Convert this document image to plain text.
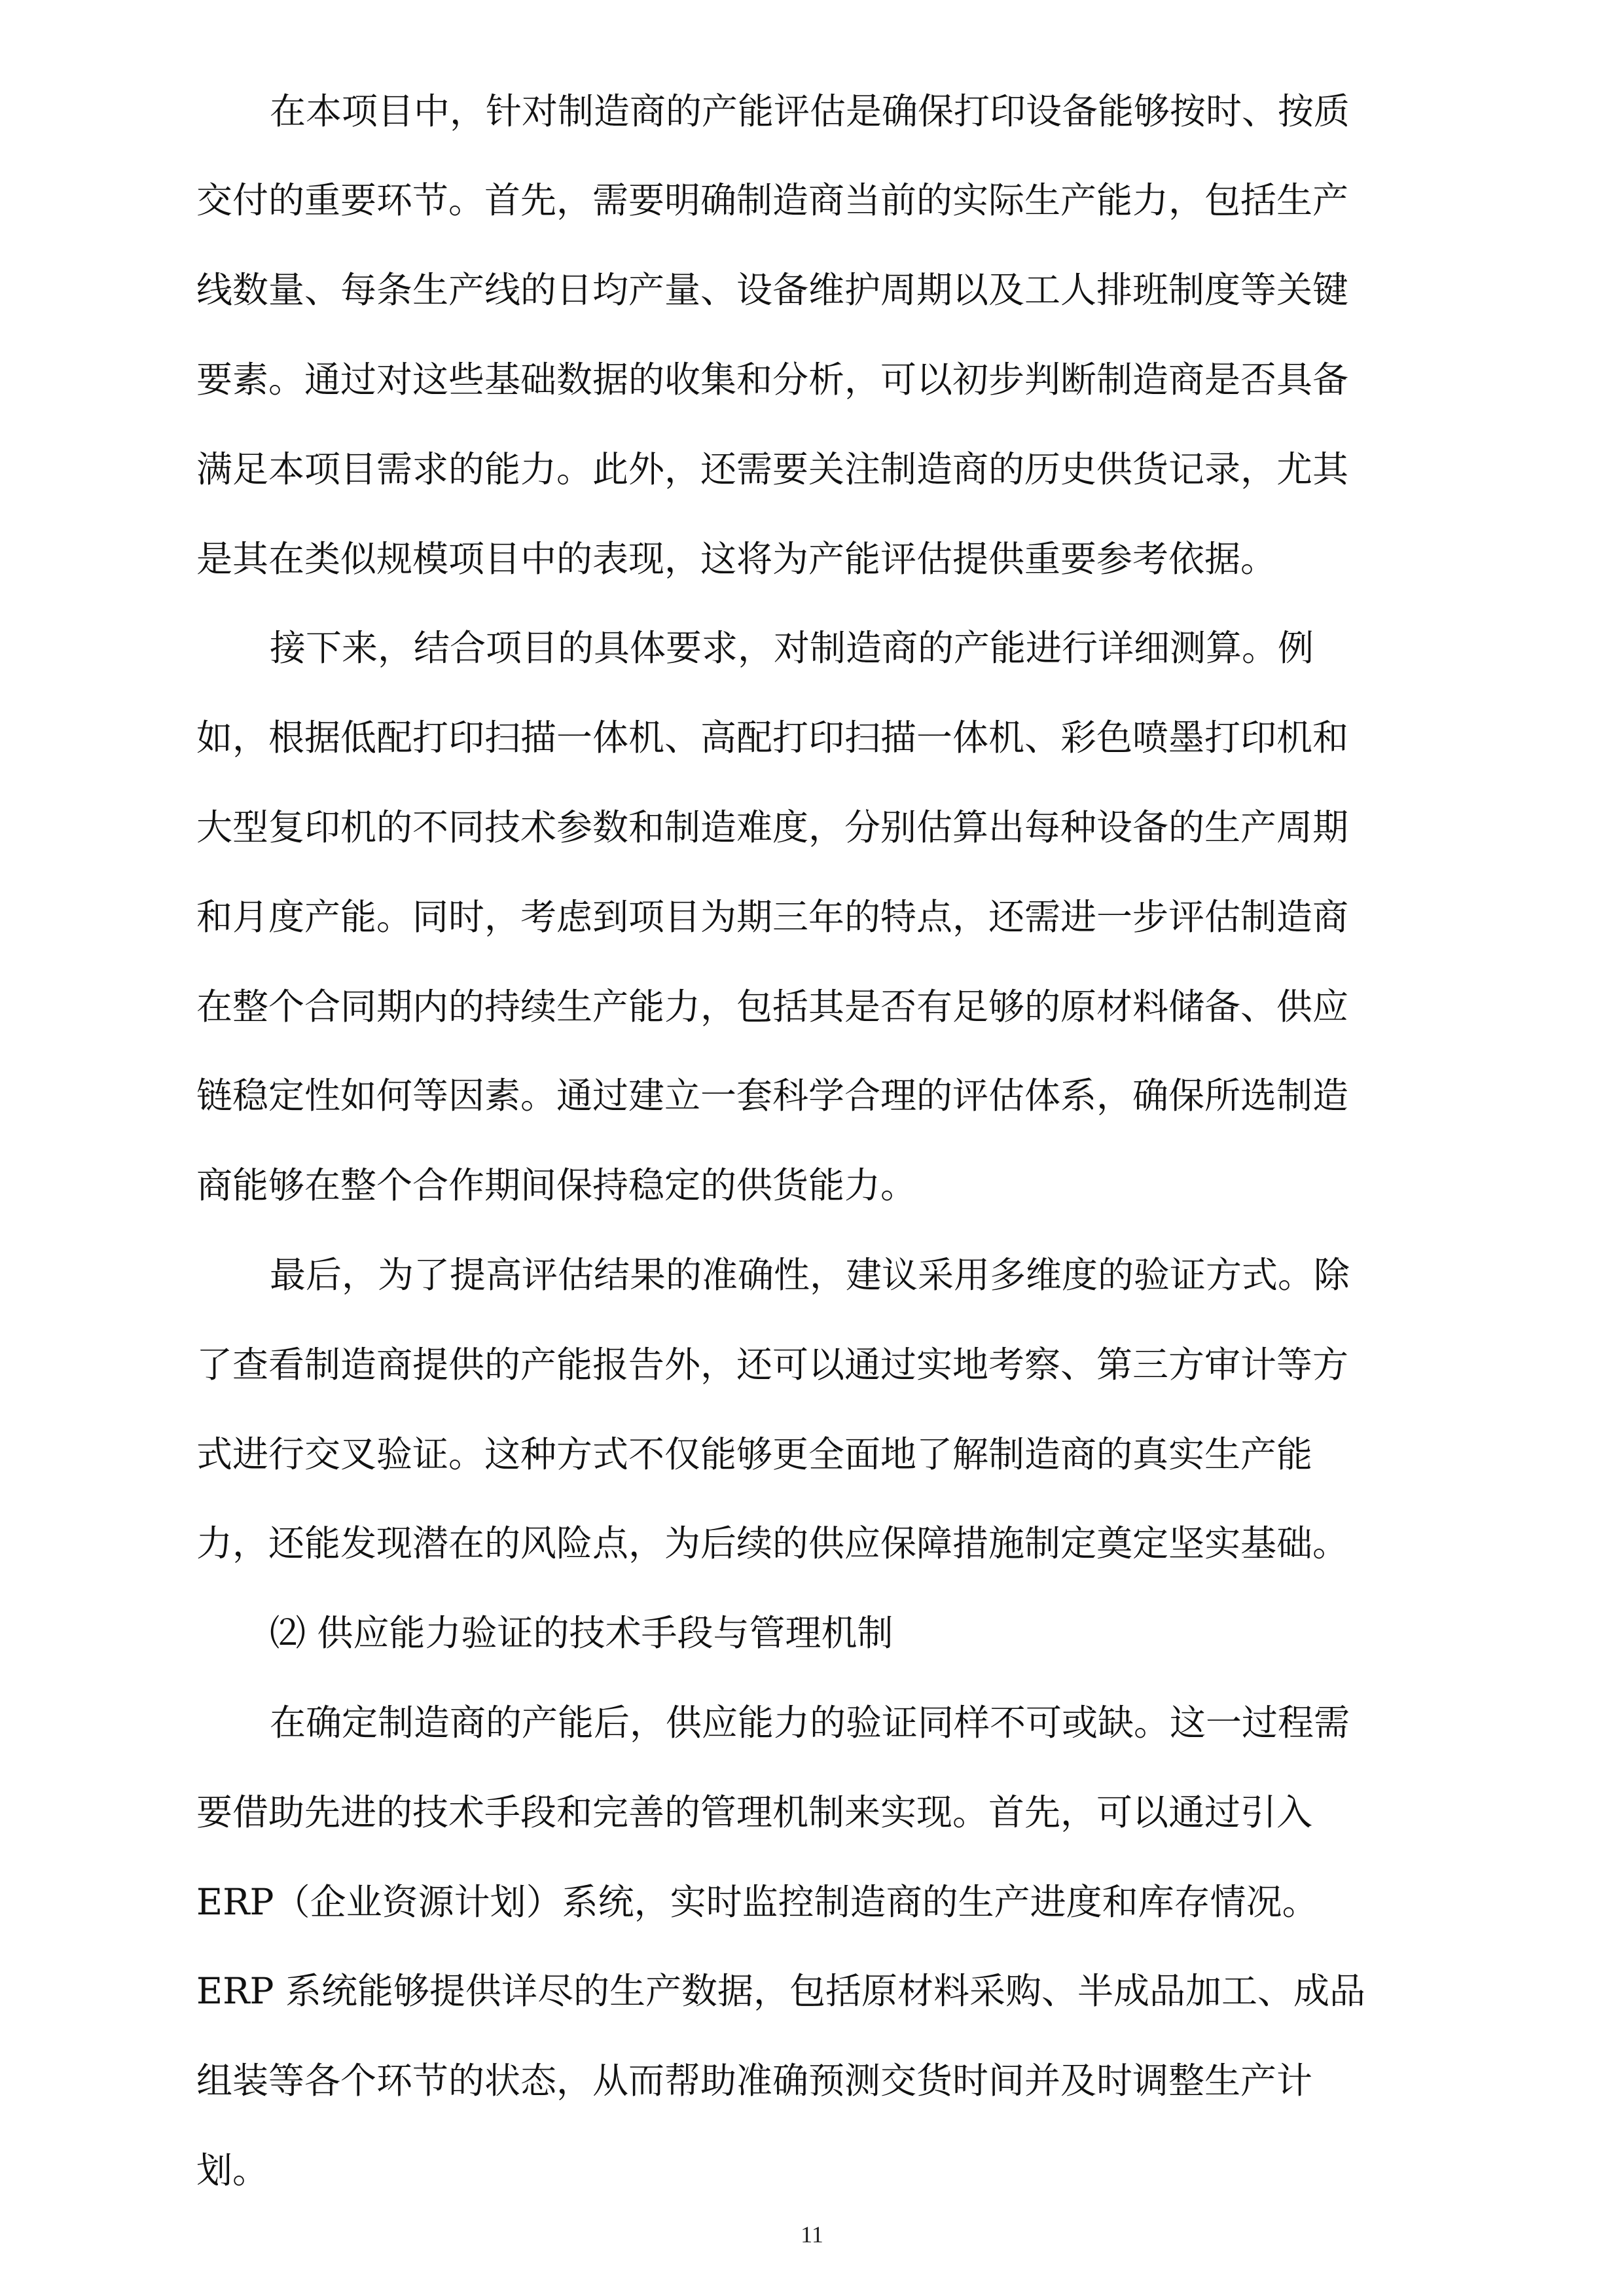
在本项目中，针对制造商的产能评估是确保打印设备能够按时、按质
交付的重要环节。首先，需要明确制造商当前的实际生产能力，包括生产
线数量、每条生产线的日均产量、设备维护周期以及工人排班制度等关键
要素。通过对这些基础数据的收集和分析，可以初步判断制造商是否具备
满足本项目需求的能力。此外，还需要关注制造商的历史供货记录，尤其
是其在类似规模项目中的表现，这将为产能评估提供重要参考依据。
接下来，结合项目的具体要求，对制造商的产能进行详细测算。例
如，根据低配打印扫描一体机、高配打印扫描一体机、彩色喷墨打印机和
大型复印机的不同技术参数和制造难度，分别估算出每种设备的生产周期
和月度产能。同时，考虑到项目为期三年的特点，还需进一步评估制造商
在整个合同期内的持续生产能力，包括其是否有足够的原材料储备、供应
链稳定性如何等因素。通过建立一套科学合理的评估体系，确保所选制造
商能够在整个合作期间保持稳定的供货能力。
最后，为了提高评估结果的准确性，建议采用多维度的验证方式。除
了查看制造商提供的产能报告外，还可以通过实地考察、第三方审计等方
式进行交叉验证。这种方式不仅能够更全面地了解制造商的真实生产能
力，还能发现潜在的风险点，为后续的供应保障措施制定奠定坚实基础。
⑵ 供应能力验证的技术手段与管理机制
在确定制造商的产能后，供应能力的验证同样不可或缺。这一过程需
要借助先进的技术手段和完善的管理机制来实现。首先，可以通过引入
ERP（企业资源计划）系统，实时监控制造商的生产进度和库存情况。
ERP 系统能够提供详尽的生产数据，包括原材料采购、半成品加工、成品
组装等各个环节的状态，从而帮助准确预测交货时间并及时调整生产计
划。
11
